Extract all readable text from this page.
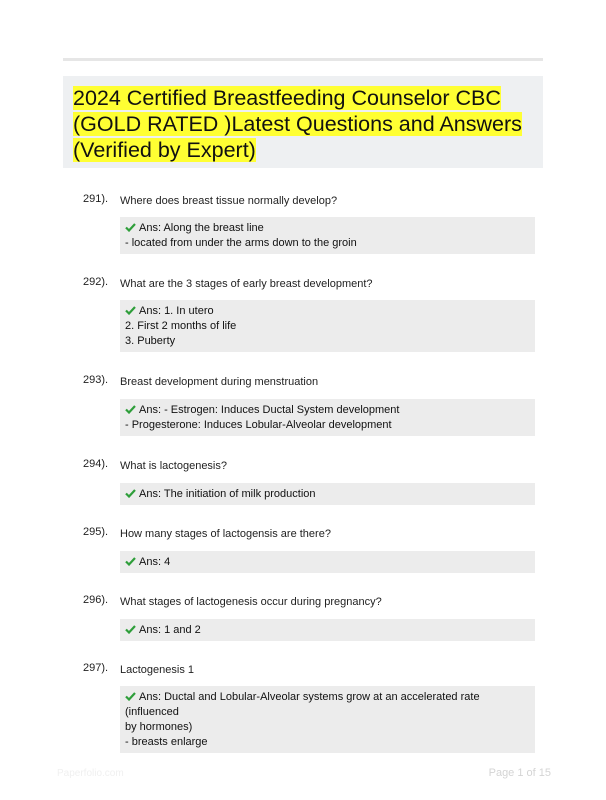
2024 Certified Breastfeeding Counselor CBC (GOLD RATED )Latest Questions and Answers (Verified by Expert)
291). Where does breast tissue normally develop?
Ans: Along the breast line
- located from under the arms down to the groin
292). What are the 3 stages of early breast development?
Ans: 1. In utero
2. First 2 months of life
3. Puberty
293). Breast development during menstruation
Ans: - Estrogen: Induces Ductal System development
- Progesterone: Induces Lobular-Alveolar development
294). What is lactogenesis?
Ans: The initiation of milk production
295). How many stages of lactogensis are there?
Ans: 4
296). What stages of lactogenesis occur during pregnancy?
Ans: 1 and 2
297). Lactogenesis 1
Ans: Ductal and Lobular-Alveolar systems grow at an accelerated rate (influenced
by hormones)
- breasts enlarge
Paperfolio.com	Page 1 of 15
